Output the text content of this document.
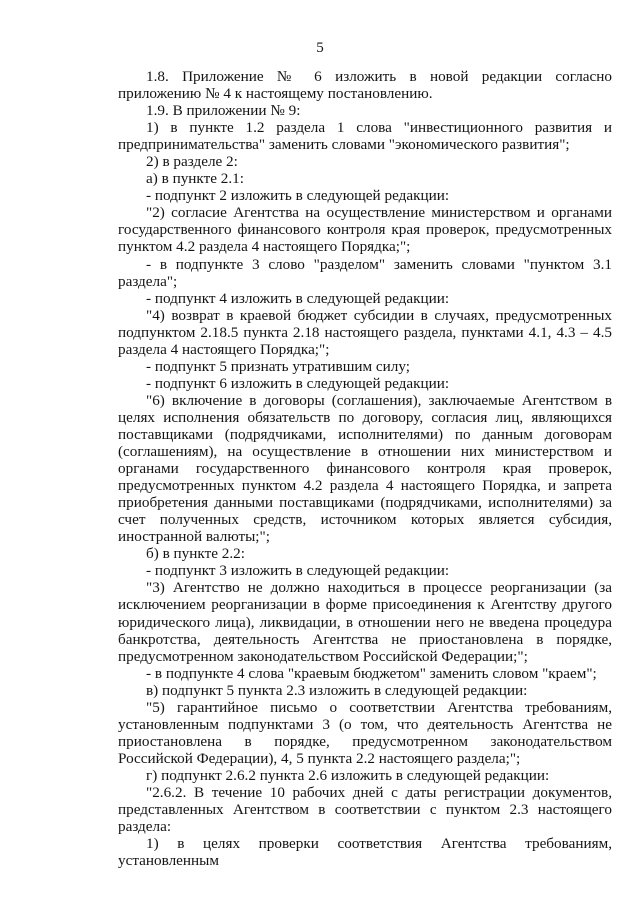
5

1.8. Приложение № 6 изложить в новой редакции согласно приложению № 4 к настоящему постановлению.

1.9. В приложении № 9:

1) в пункте 1.2 раздела 1 слова "инвестиционного развития и предпринимательства" заменить словами "экономического развития";

2) в разделе 2:

а) в пункте 2.1:

- подпункт 2 изложить в следующей редакции:

"2) согласие Агентства на осуществление министерством и органами государственного финансового контроля края проверок, предусмотренных пунктом 4.2 раздела 4 настоящего Порядка;";

- в подпункте 3 слово "разделом" заменить словами "пунктом 3.1 раздела";

- подпункт 4 изложить в следующей редакции:

"4) возврат в краевой бюджет субсидии в случаях, предусмотренных подпунктом 2.18.5 пункта 2.18 настоящего раздела, пунктами 4.1, 4.3 – 4.5 раздела 4 настоящего Порядка;";

- подпункт 5 признать утратившим силу;

- подпункт 6 изложить в следующей редакции:

"6) включение в договоры (соглашения), заключаемые Агентством в целях исполнения обязательств по договору, согласия лиц, являющихся поставщиками (подрядчиками, исполнителями) по данным договорам (соглашениям), на осуществление в отношении них министерством и органами государственного финансового контроля края проверок, предусмотренных пунктом 4.2 раздела 4 настоящего Порядка, и запрета приобретения данными поставщиками (подрядчиками, исполнителями) за счет полученных средств, источником которых является субсидия, иностранной валюты;";

б) в пункте 2.2:

- подпункт 3 изложить в следующей редакции:

"3) Агентство не должно находиться в процессе реорганизации (за исключением реорганизации в форме присоединения к Агентству другого юридического лица), ликвидации, в отношении него не введена процедура банкротства, деятельность Агентства не приостановлена в порядке, предусмотренном законодательством Российской Федерации;";

- в подпункте 4 слова "краевым бюджетом" заменить словом "краем";

в) подпункт 5 пункта 2.3 изложить в следующей редакции:

"5) гарантийное письмо о соответствии Агентства требованиям, установленным подпунктами 3 (о том, что деятельность Агентства не приостановлена в порядке, предусмотренном законодательством Российской Федерации), 4, 5 пункта 2.2 настоящего раздела;";

г) подпункт 2.6.2 пункта 2.6 изложить в следующей редакции:

"2.6.2. В течение 10 рабочих дней с даты регистрации документов, представленных Агентством в соответствии с пунктом 2.3 настоящего раздела:

1) в целях проверки соответствия Агентства требованиям, установленным
